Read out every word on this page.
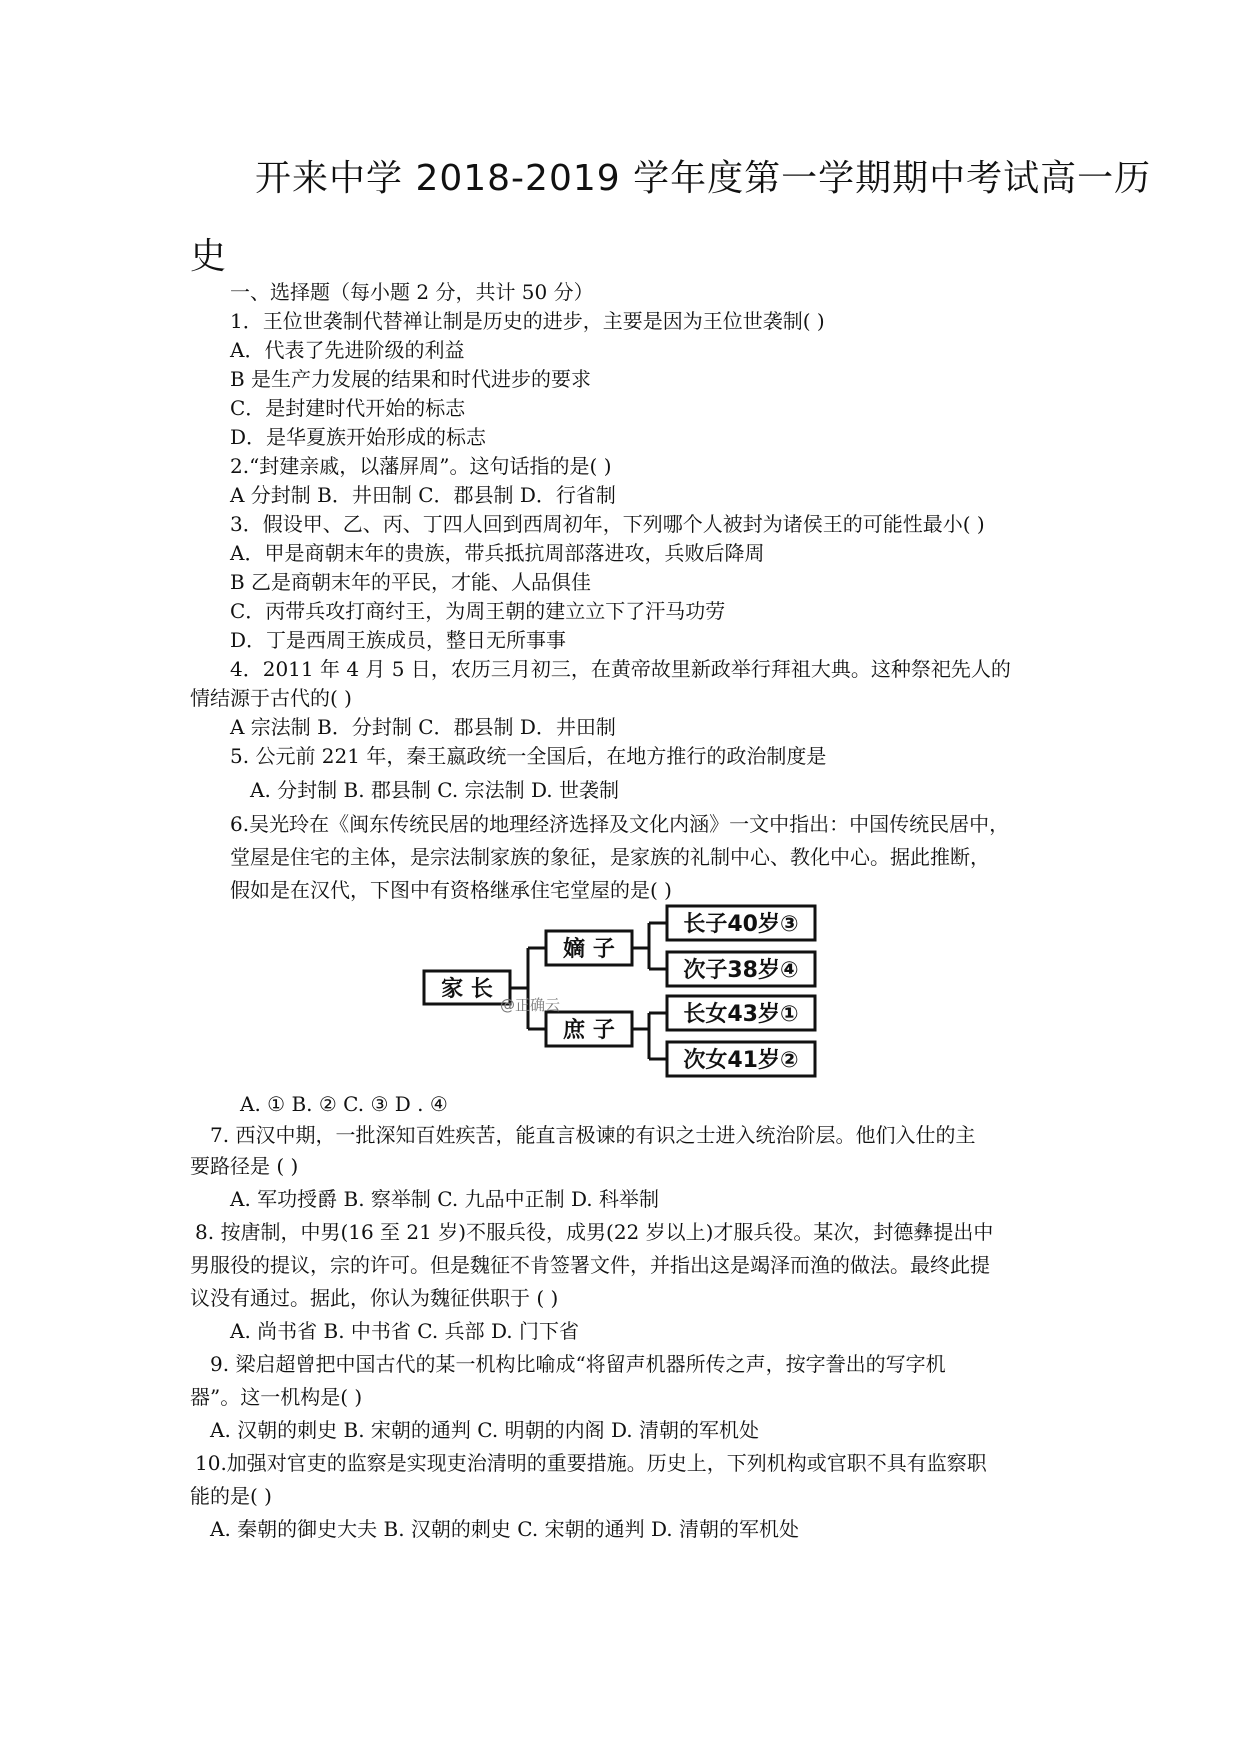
开来中学 2018-2019 学年度第一学期期中考试高一历
史
一、选择题（每小题 2 分，共计 50 分）
1．王位世袭制代替禅让制是历史的进步，主要是因为王位世袭制( )
A．代表了先进阶级的利益
B 是生产力发展的结果和时代进步的要求
C．是封建时代开始的标志
D．是华夏族开始形成的标志
2.“封建亲戚，以藩屏周”。这句话指的是( )
A 分封制 B．井田制 C．郡县制 D．行省制
3．假设甲、乙、丙、丁四人回到西周初年，下列哪个人被封为诸侯王的可能性最小( )
A．甲是商朝末年的贵族，带兵抵抗周部落进攻，兵败后降周
B 乙是商朝末年的平民，才能、人品俱佳
C．丙带兵攻打商纣王，为周王朝的建立立下了汗马功劳
D．丁是西周王族成员，整日无所事事
4．2011 年 4 月 5 日，农历三月初三，在黄帝故里新政举行拜祖大典。这种祭祀先人的
情结源于古代的( )
A 宗法制 B．分封制 C．郡县制 D．井田制
5. 公元前 221 年，秦王嬴政统一全国后，在地方推行的政治制度是
A. 分封制 B. 郡县制 C. 宗法制 D. 世袭制
6.吴光玲在《闽东传统民居的地理经济选择及文化内涵》一文中指出：中国传统民居中，
堂屋是住宅的主体，是宗法制家族的象征，是家族的礼制中心、教化中心。据此推断，
假如是在汉代，下图中有资格继承住宅堂屋的是( )
家 长
嫡 子
庶 子
长子40岁③
次子38岁④
长女43岁①
次女41岁②
@正确云
A. ① B. ② C. ③ D . ④
7. 西汉中期，一批深知百姓疾苦，能直言极谏的有识之士进入统治阶层。他们入仕的主
要路径是 ( )
A. 军功授爵 B. 察举制 C. 九品中正制 D. 科举制
8. 按唐制，中男(16 至 21 岁)不服兵役，成男(22 岁以上)才服兵役。某次，封德彝提出中
男服役的提议，宗的许可。但是魏征不肯签署文件，并指出这是竭泽而渔的做法。最终此提
议没有通过。据此，你认为魏征供职于 ( )
A. 尚书省 B. 中书省 C. 兵部 D. 门下省
9. 梁启超曾把中国古代的某一机构比喻成“将留声机器所传之声，按字誊出的写字机
器”。这一机构是( )
A. 汉朝的刺史 B. 宋朝的通判 C. 明朝的内阁 D. 清朝的军机处
10.加强对官吏的监察是实现吏治清明的重要措施。历史上，下列机构或官职不具有监察职
能的是( )
A. 秦朝的御史大夫 B. 汉朝的刺史 C. 宋朝的通判 D. 清朝的军机处
